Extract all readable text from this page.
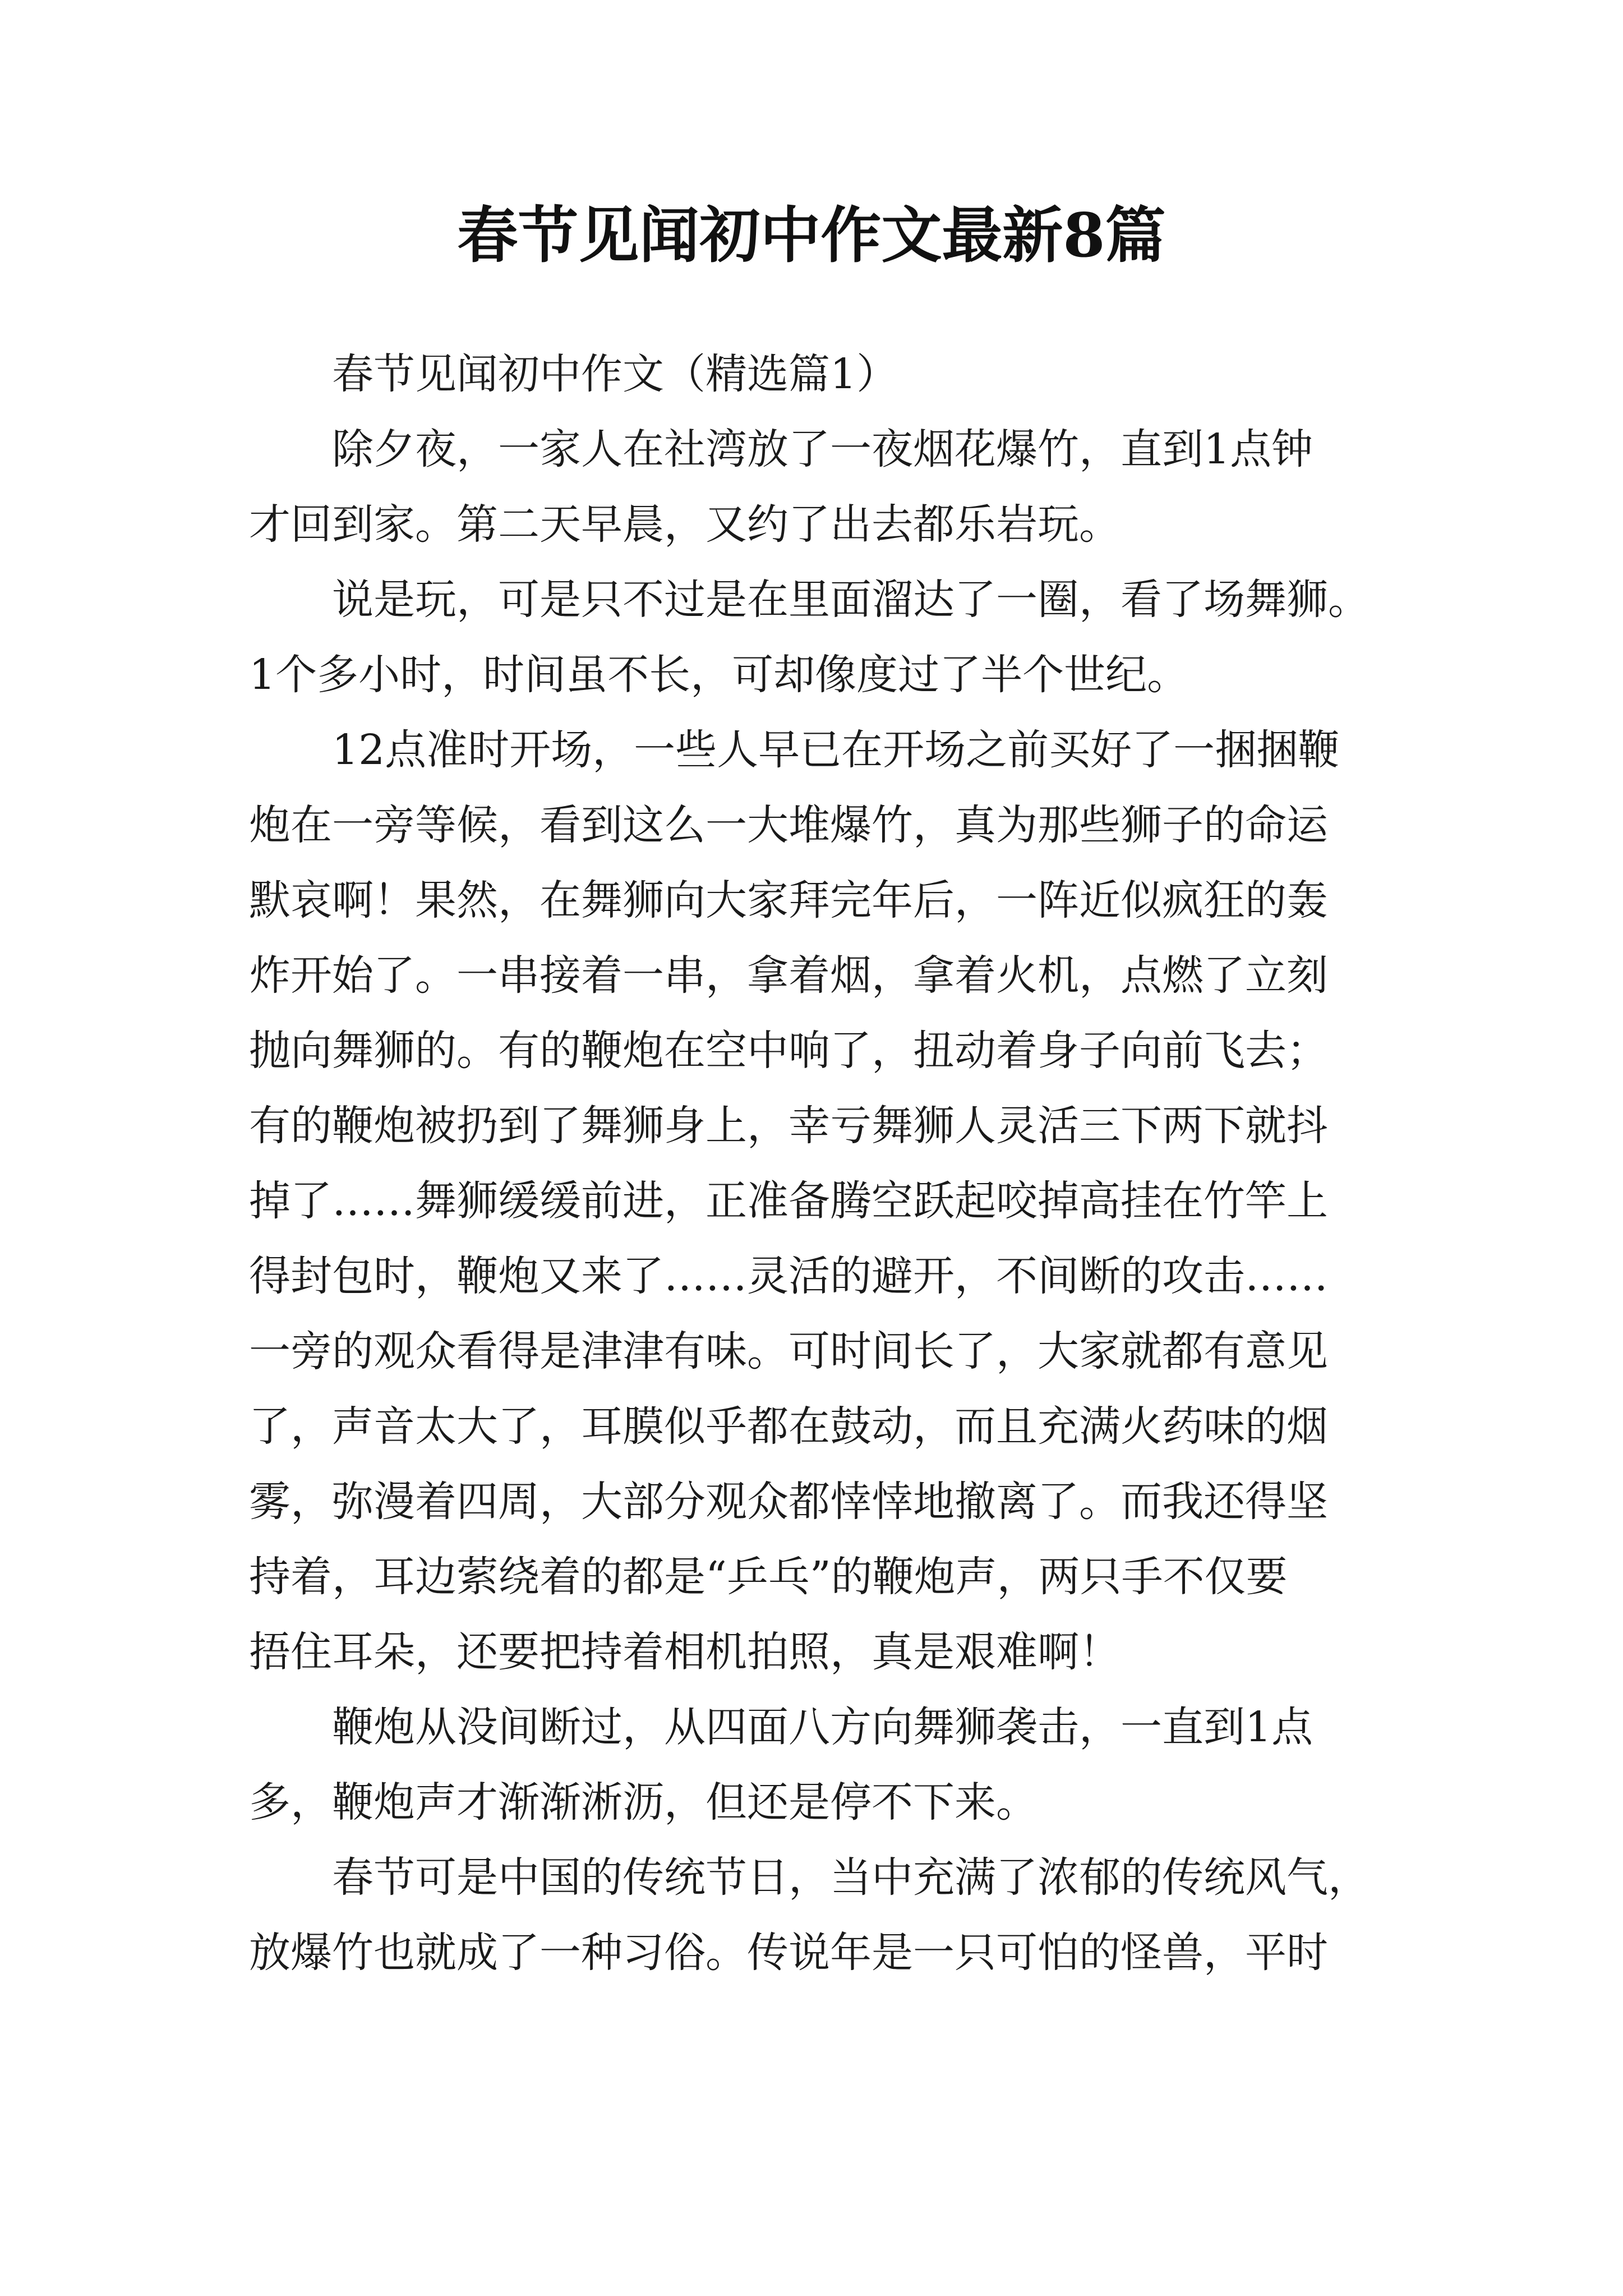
春节见闻初中作文最新8篇

春节见闻初中作文（精选篇1）

除夕夜，一家人在社湾放了一夜烟花爆竹，直到1点钟
才回到家。第二天早晨，又约了出去都乐岩玩。

说是玩，可是只不过是在里面溜达了一圈，看了场舞狮。
1个多小时，时间虽不长，可却像度过了半个世纪。

12点准时开场，一些人早已在开场之前买好了一捆捆鞭
炮在一旁等候，看到这么一大堆爆竹，真为那些狮子的命运
默哀啊！果然，在舞狮向大家拜完年后，一阵近似疯狂的轰
炸开始了。一串接着一串，拿着烟，拿着火机，点燃了立刻
抛向舞狮的。有的鞭炮在空中响了，扭动着身子向前飞去；
有的鞭炮被扔到了舞狮身上，幸亏舞狮人灵活三下两下就抖
掉了……舞狮缓缓前进，正准备腾空跃起咬掉高挂在竹竿上
得封包时，鞭炮又来了……灵活的避开，不间断的攻击……
一旁的观众看得是津津有味。可时间长了，大家就都有意见
了，声音太大了，耳膜似乎都在鼓动，而且充满火药味的烟
雾，弥漫着四周，大部分观众都悻悻地撤离了。而我还得坚
持着，耳边萦绕着的都是“乒乓”的鞭炮声，两只手不仅要
捂住耳朵，还要把持着相机拍照，真是艰难啊！

鞭炮从没间断过，从四面八方向舞狮袭击，一直到1点
多，鞭炮声才渐渐淅沥，但还是停不下来。

春节可是中国的传统节日，当中充满了浓郁的传统风气，
放爆竹也就成了一种习俗。传说年是一只可怕的怪兽，平时
